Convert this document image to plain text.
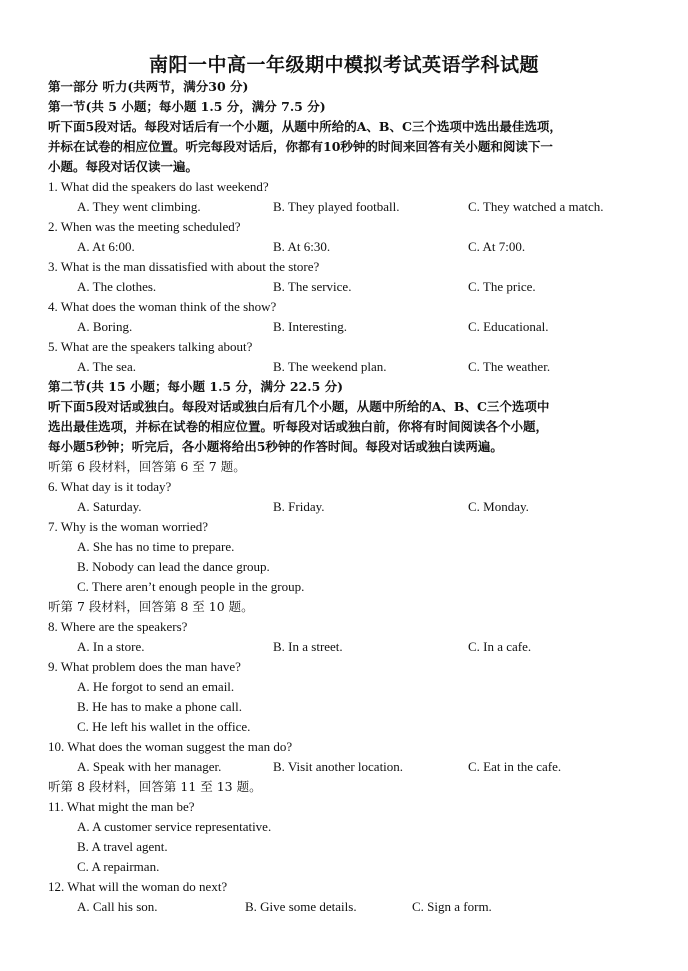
南阳一中高一年级期中模拟考试英语学科试题
第一部分 听力(共两节，满分30 分)
第一节(共 5 小题；每小题 1.5 分，满分 7.5 分)
听下面5段对话。每段对话后有一个小题，从题中所给的A、B、C三个选项中选出最佳选项，
并标在试卷的相应位置。听完每段对话后，你都有10秒钟的时间来回答有关小题和阅读下一
小题。每段对话仅读一遍。
1. What did the speakers do last weekend?
A. They went climbing.	B. They played football.	C. They watched a match.
2. When was the meeting scheduled?
A. At 6:00.	B. At 6:30.	C. At 7:00.
3. What is the man dissatisfied with about the store?
A. The clothes.	B. The service.	C. The price.
4. What does the woman think of the show?
A. Boring.	B. Interesting.	C. Educational.
5. What are the speakers talking about?
A. The sea.	B. The weekend plan.	C. The weather.
第二节(共 15 小题；每小题 1.5 分，满分 22.5 分)
听下面5段对话或独白。每段对话或独白后有几个小题，从题中所给的A、B、C三个选项中
选出最佳选项，并标在试卷的相应位置。听每段对话或独白前，你将有时间阅读各个小题，
每小题5秒钟；听完后，各小题将给出5秒钟的作答时间。每段对话或独白读两遍。
听第 6 段材料，回答第 6 至 7 题。
6. What day is it today?
A. Saturday.	B. Friday.	C. Monday.
7. Why is the woman worried?
A. She has no time to prepare.
B. Nobody can lead the dance group.
C. There aren’t enough people in the group.
听第 7 段材料，回答第 8 至 10 题。
8. Where are the speakers?
A. In a store.	B. In a street.	C. In a cafe.
9. What problem does the man have?
A. He forgot to send an email.
B. He has to make a phone call.
C. He left his wallet in the office.
10. What does the woman suggest the man do?
A. Speak with her manager.	B. Visit another location.	C. Eat in the cafe.
听第 8 段材料，回答第 11 至 13 题。
11. What might the man be?
A. A customer service representative.
B. A travel agent.
C. A repairman.
12. What will the woman do next?
A. Call his son.	B. Give some details.	C. Sign a form.
